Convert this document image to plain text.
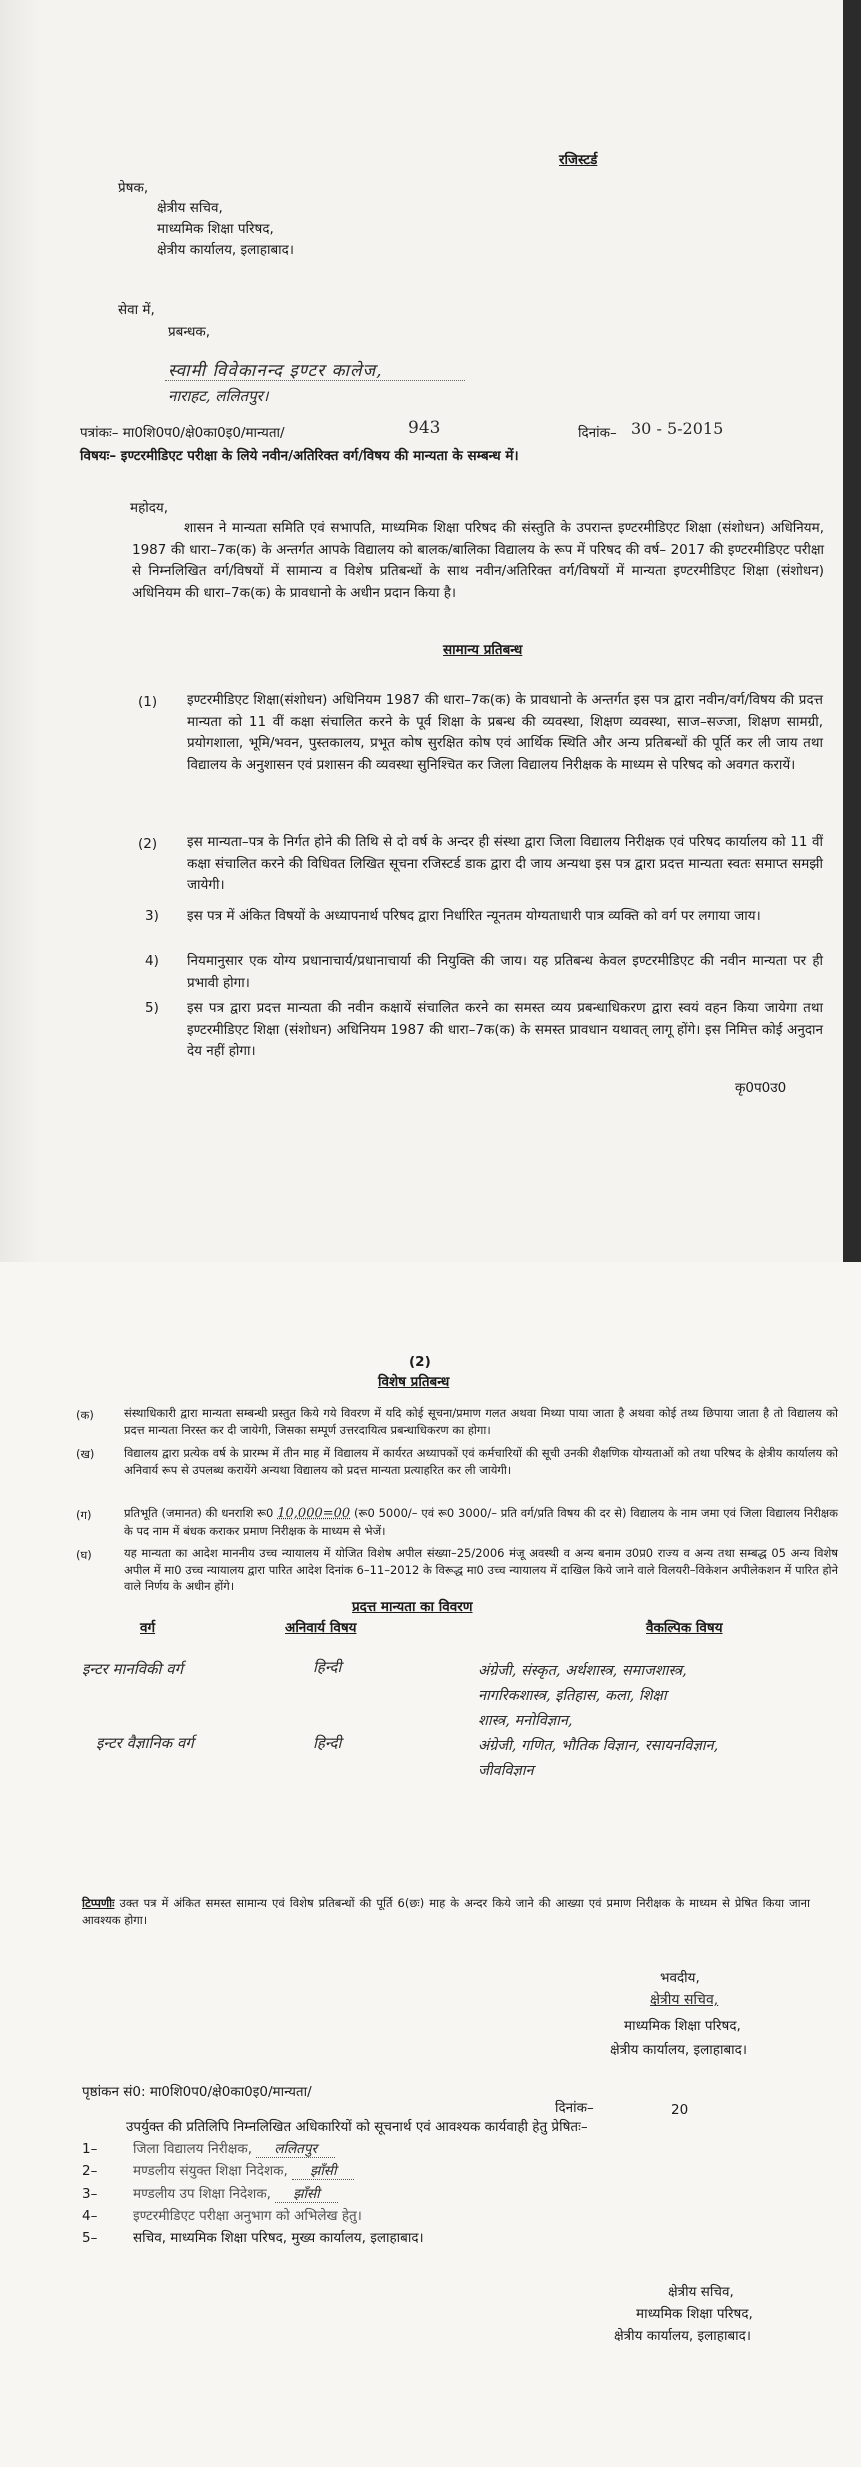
रजिस्टर्ड
प्रेषक,
क्षेत्रीय सचिव,
माध्यमिक शिक्षा परिषद,
क्षेत्रीय कार्यालय, इलाहाबाद।
सेवा में,
प्रबन्धक,
स्वामी विवेकानन्द इण्टर कालेज,
नाराहट, ललितपुर।
पत्रांकः– मा0शि0प0/क्षे0का0इ0/मान्यता/	943	दिनांक– 30 - 5-2015
विषयः– इण्टरमीडिएट परीक्षा के लिये नवीन/अतिरिक्त वर्ग/विषय की मान्यता के सम्बन्ध में।
महोदय,
शासन ने मान्यता समिति एवं सभापति, माध्यमिक शिक्षा परिषद की संस्तुति के उपरान्त इण्टरमीडिएट शिक्षा (संशोधन) अधिनियम, 1987 की धारा–7क(क) के अन्तर्गत आपके विद्यालय को बालक/बालिका विद्यालय के रूप में परिषद की वर्ष– 2017 की इण्टरमीडिएट परीक्षा से निम्नलिखित वर्ग/विषयों में सामान्य व विशेष प्रतिबन्धों के साथ नवीन/अतिरिक्त वर्ग/विषयों में मान्यता इण्टरमीडिएट शिक्षा (संशोधन) अधिनियम की धारा–7क(क) के प्रावधानो के अधीन प्रदान किया है।
सामान्य प्रतिबन्ध
(1) इण्टरमीडिएट शिक्षा(संशोधन) अधिनियम 1987 की धारा–7क(क) के प्रावधानो के अन्तर्गत इस पत्र द्वारा नवीन/वर्ग/विषय की प्रदत्त मान्यता को 11 वीं कक्षा संचालित करने के पूर्व शिक्षा के प्रबन्ध की व्यवस्था, शिक्षण व्यवस्था, साज–सज्जा, शिक्षण सामग्री, प्रयोगशाला, भूमि/भवन, पुस्तकालय, प्रभूत कोष सुरक्षित कोष एवं आर्थिक स्थिति और अन्य प्रतिबन्धों की पूर्ति कर ली जाय तथा विद्यालय के अनुशासन एवं प्रशासन की व्यवस्था सुनिश्चित कर जिला विद्यालय निरीक्षक के माध्यम से परिषद को अवगत करायें।
(2) इस मान्यता–पत्र के निर्गत होने की तिथि से दो वर्ष के अन्दर ही संस्था द्वारा जिला विद्यालय निरीक्षक एवं परिषद कार्यालय को 11 वीं कक्षा संचालित करने की विधिवत लिखित सूचना रजिस्टर्ड डाक द्वारा दी जाय अन्यथा इस पत्र द्वारा प्रदत्त मान्यता स्वतः समाप्त समझी जायेगी।
3) इस पत्र में अंकित विषयों के अध्यापनार्थ परिषद द्वारा निर्धारित न्यूनतम योग्यताधारी पात्र व्यक्ति को वर्ग पर लगाया जाय।
4) नियमानुसार एक योग्य प्रधानाचार्य/प्रधानाचार्या की नियुक्ति की जाय। यह प्रतिबन्ध केवल इण्टरमीडिएट की नवीन मान्यता पर ही प्रभावी होगा।
5) इस पत्र द्वारा प्रदत्त मान्यता की नवीन कक्षायें संचालित करने का समस्त व्यय प्रबन्धाधिकरण द्वारा स्वयं वहन किया जायेगा तथा इण्टरमीडिएट शिक्षा (संशोधन) अधिनियम 1987 की धारा–7क(क) के समस्त प्रावधान यथावत् लागू होंगे। इस निमित्त कोई अनुदान देय नहीं होगा।
कृ0प0उ0
(2)
विशेष प्रतिबन्ध
(क)	संस्थाधिकारी द्वारा मान्यता सम्बन्धी प्रस्तुत किये गये विवरण में यदि कोई सूचना/प्रमाण गलत अथवा मिथ्या पाया जाता है अथवा कोई तथ्य छिपाया जाता है तो विद्यालय को प्रदत्त मान्यता निरस्त कर दी जायेगी, जिसका सम्पूर्ण उत्तरदायित्व प्रबन्धाधिकरण का होगा।
(ख)	विद्यालय द्वारा प्रत्येक वर्ष के प्रारम्भ में तीन माह में विद्यालय में कार्यरत अध्यापकों एवं कर्मचारियों की सूची उनकी शैक्षणिक योग्यताओं को तथा परिषद के क्षेत्रीय कार्यालय को अनिवार्य रूप से उपलब्ध करायेंगे अन्यथा विद्यालय को प्रदत्त मान्यता प्रत्याहरित कर ली जायेगी।
(ग)	प्रतिभूति (जमानत) की धनराशि रू0 10,000=00 (रू0 5000/– एवं रू0 3000/– प्रति वर्ग/प्रति विषय की दर से) विद्यालय के नाम जमा एवं जिला विद्यालय निरीक्षक के पद नाम में बंधक कराकर प्रमाण निरीक्षक के माध्यम से भेजें।
(घ)	यह मान्यता का आदेश माननीय उच्च न्यायालय में योजित विशेष अपील संख्या–25/2006 मंजू अवस्थी व अन्य बनाम उ0प्र0 राज्य व अन्य तथा सम्बद्ध 05 अन्य विशेष अपील में मा0 उच्च न्यायालय द्वारा पारित आदेश दिनांक 6–11–2012 के विरूद्ध मा0 उच्च न्यायालय में दाखिल किये जाने वाले विलयरी–विकेशन अपीलेकशन में पारित होने वाले निर्णय के अधीन होंगे।
प्रदत्त मान्यता का विवरण
वर्ग	अनिवार्य विषय	वैकल्पिक विषय
इन्टर मानविकी वर्ग	हिन्दी	अंग्रेजी, संस्कृत, अर्थशास्त्र, समाजशास्त्र,
नागरिकशास्त्र, इतिहास, कला, शिक्षा
शास्त्र, मनोविज्ञान,
इन्टर वैज्ञानिक वर्ग	हिन्दी	अंग्रेजी, गणित, भौतिक विज्ञान, रसायनविज्ञान,
जीवविज्ञान
टिप्पणीः उक्त पत्र में अंकित समस्त सामान्य एवं विशेष प्रतिबन्धों की पूर्ति 6(छः) माह के अन्दर किये जाने की आख्या एवं प्रमाण निरीक्षक के माध्यम से प्रेषित किया जाना आवश्यक होगा।
भवदीय,
क्षेत्रीय सचिव,
माध्यमिक शिक्षा परिषद,
क्षेत्रीय कार्यालय, इलाहाबाद।
पृष्ठांकन सं0: मा0शि0प0/क्षे0का0इ0/मान्यता/
दिनांक–	20
उपर्युक्त की प्रतिलिपि निम्नलिखित अधिकारियों को सूचनार्थ एवं आवश्यक कार्यवाही हेतु प्रेषितः–
1–	जिला विद्यालय निरीक्षक, ललितपुर
2–	मण्डलीय संयुक्त शिक्षा निदेशक, झाँसी
3–	मण्डलीय उप शिक्षा निदेशक, झाँसी
4–	इण्टरमीडिएट परीक्षा अनुभाग को अभिलेख हेतु।
5–	सचिव, माध्यमिक शिक्षा परिषद, मुख्य कार्यालय, इलाहाबाद।
क्षेत्रीय सचिव,
माध्यमिक शिक्षा परिषद,
क्षेत्रीय कार्यालय, इलाहाबाद।
